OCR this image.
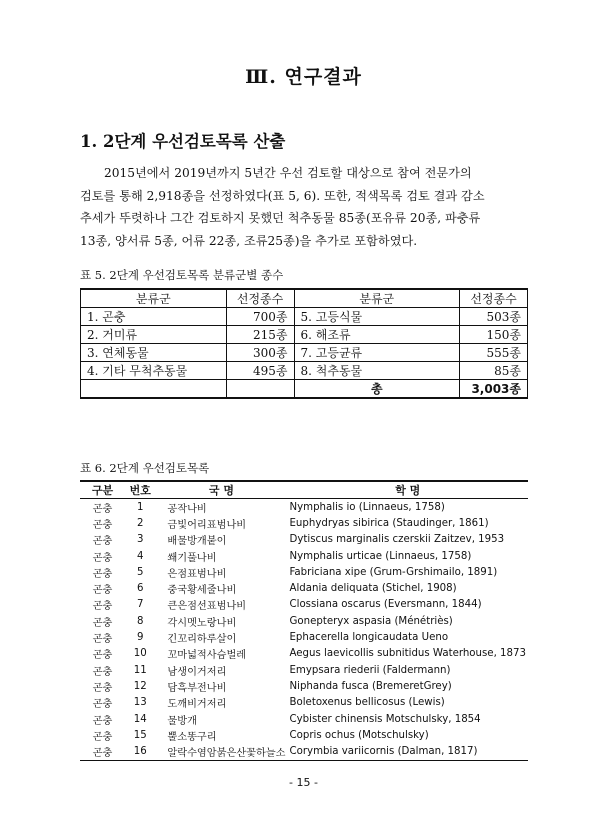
Ⅲ. 연구결과
1. 2단계 우선검토목록 산출

2015년에서 2019년까지 5년간 우선 검토할 대상으로 참여 전문가의

검토를 통해 2,918종을 선정하였다(표 5, 6). 또한, 적색목록 검토 결과 감소

추세가 뚜렷하나 그간 검토하지 못했던 척추동물 85종(포유류 20종, 파충류

13종, 양서류 5종, 어류 22종, 조류25종)을 추가로 포함하였다.

표 5. 2단계 우선검토목록 분류군별 종수
분류군	선정종수	분류군	선정종수
1. 곤충	700종	5. 고등식물	503종
2. 거미류	215종	6. 해조류	150종
3. 연체동물	300종	7. 고등균류	555종
4. 기타 무척추동물	495종	8. 척추동물	85종
		총	3,003종
표 6. 2단계 우선검토목록
구분	번호	국 명	학 명
곤충	1	공작나비	Nymphalis io (Linnaeus, 1758)
곤충	2	금빛어리표범나비	Euphydryas sibirica (Staudinger, 1861)
곤충	3	배물방개붙이	Dytiscus marginalis czerskii Zaitzev, 1953
곤충	4	쐐기풀나비	Nymphalis urticae (Linnaeus, 1758)
곤충	5	은점표범나비	Fabriciana xipe (Grum-Grshimailo, 1891)
곤충	6	중국황세줄나비	Aldania deliquata (Stichel, 1908)
곤충	7	큰은점선표범나비	Clossiana oscarus (Eversmann, 1844)
곤충	8	각시멧노랑나비	Gonepteryx aspasia (Ménétriès)
곤충	9	긴꼬리하루살이	Ephacerella longicaudata Ueno
곤충	10	꼬마넓적사슴벌레	Aegus laevicollis subnitidus Waterhouse, 1873
곤충	11	남생이거저리	Emypsara riederii (Faldermann)
곤충	12	담흑부전나비	Niphanda fusca (BremeretGrey)
곤충	13	도깨비거저리	Boletoxenus bellicosus (Lewis)
곤충	14	물방개	Cybister chinensis Motschulsky, 1854
곤충	15	뿔소똥구리	Copris ochus (Motschulsky)
곤충	16	알락수염암붉은산꽃하늘소	Corymbia variicornis (Dalman, 1817)
- 15 -
